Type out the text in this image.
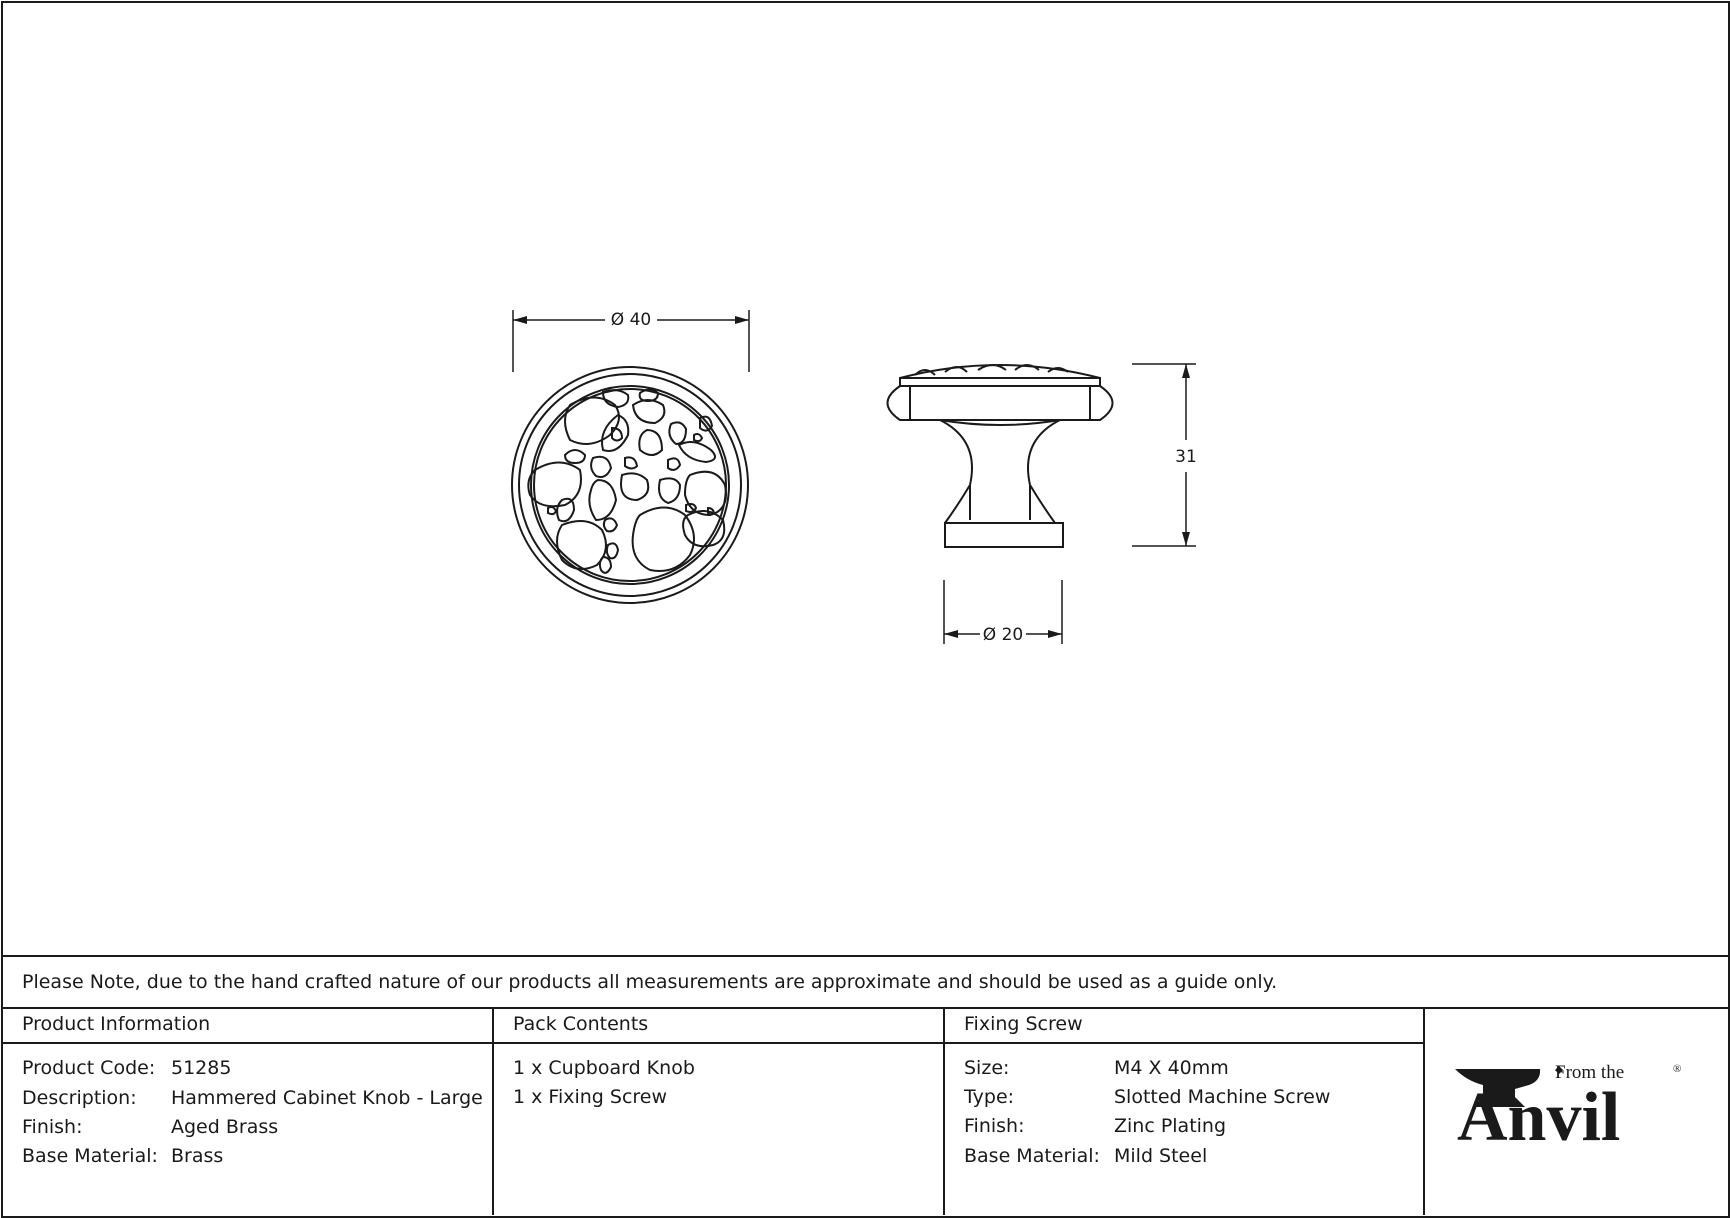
Ø 40
31
Ø 20
Please Note, due to the hand crafted nature of our products all measurements are approximate and should be used as a guide only.
Product Information
Product Code: 51285
Description: Hammered Cabinet Knob - Large
Finish:	Aged Brass
Base Material: Brass
Pack Contents
1 x Cupboard Knob
1 x Fixing Screw
Fixing Screw
Size:	M4 X 40mm
Type:	Slotted Machine Screw
Finish:	Zinc Plating
Base Material: Mild Steel
From the
Anvil
®
